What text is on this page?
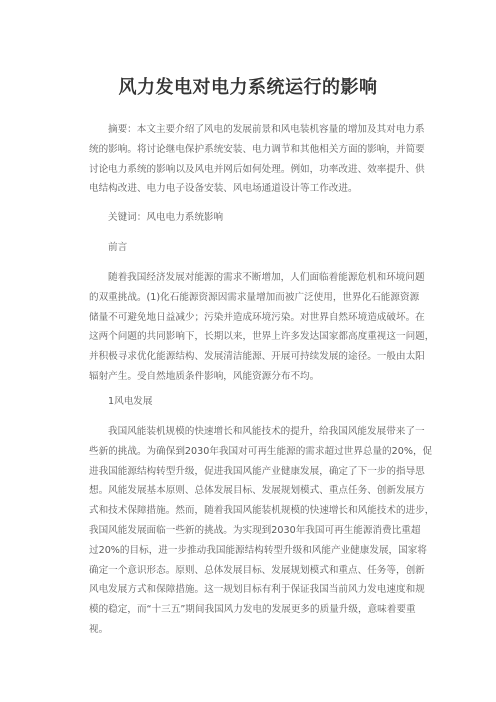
风力发电对电力系统运行的影响
摘要：本文主要介绍了风电的发展前景和风电装机容量的增加及其对电力系
统的影响。将讨论继电保护系统安装、电力调节和其他相关方面的影响，并简要
讨论电力系统的影响以及风电并网后如何处理。例如，功率改进、效率提升、供
电结构改进、电力电子设备安装、风电场通道设计等工作改进。
关键词：风电电力系统影响
前言
随着我国经济发展对能源的需求不断增加，人们面临着能源危机和环境问题
的双重挑战。(1)化石能源资源因需求量增加而被广泛使用，世界化石能源资源
储量不可避免地日益减少；污染并造成环境污染。对世界自然环境造成破坏。在
这两个问题的共同影响下，长期以来，世界上许多发达国家都高度重视这一问题，
并积极寻求优化能源结构、发展清洁能源、开展可持续发展的途径。一般由太阳
辐射产生。受自然地质条件影响，风能资源分布不均。
1风电发展
我国风能装机规模的快速增长和风能技术的提升，给我国风能发展带来了一
些新的挑战。为确保到2030年我国对可再生能源的需求超过世界总量的20%，促
进我国能源结构转型升级，促进我国风能产业健康发展，确定了下一步的指导思
想。风能发展基本原则、总体发展目标、发展规划模式、重点任务、创新发展方
式和技术保障措施。然而，随着我国风能装机规模的快速增长和风能技术的进步，
我国风能发展面临一些新的挑战。为实现到2030年我国可再生能源消费比重超
过20%的目标，进一步推动我国能源结构转型升级和风能产业健康发展，国家将
确定一个意识形态。原则、总体发展目标、发展规划模式和重点、任务等，创新
风电发展方式和保障措施。这一规划目标有利于保证我国当前风力发电速度和规
模的稳定，而“十三五”期间我国风力发电的发展更多的质量升级，意味着要重
视。
